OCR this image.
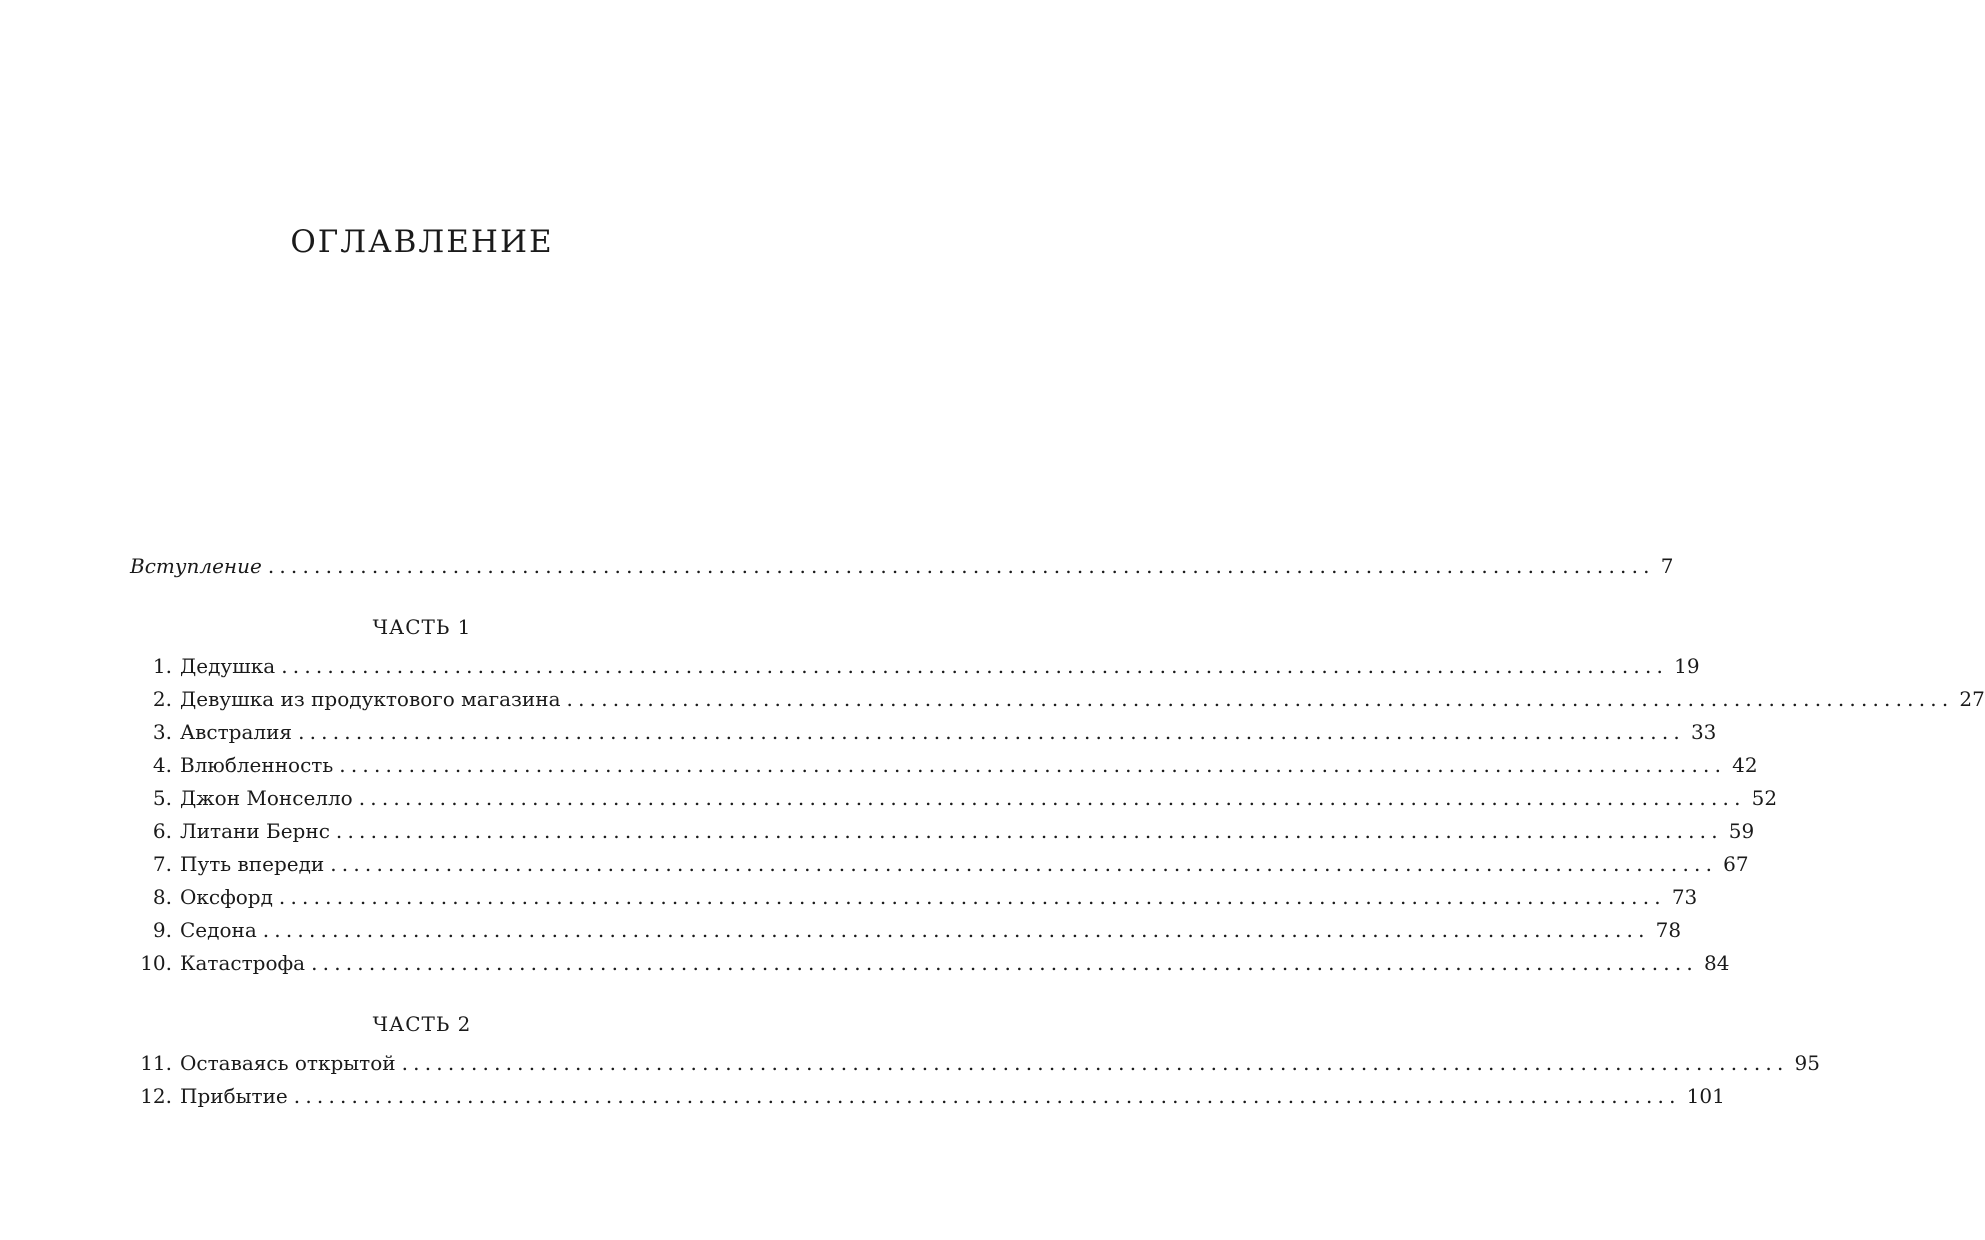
ОГЛАВЛЕНИЕ
Вступление ........................................................................................................................ 7
ЧАСТЬ 1
1. Дедушка ........................................................................................................................ 19
2. Девушка из продуктового магазина ........................................................................................................................ 27
3. Австралия ........................................................................................................................ 33
4. Влюбленность ........................................................................................................................ 42
5. Джон Монселло ........................................................................................................................ 52
6. Литани Бернс ........................................................................................................................ 59
7. Путь впереди ........................................................................................................................ 67
8. Оксфорд ........................................................................................................................ 73
9. Седона ........................................................................................................................ 78
10. Катастрофа ........................................................................................................................ 84
ЧАСТЬ 2
11. Оставаясь открытой ........................................................................................................................ 95
12. Прибытие ........................................................................................................................ 101
